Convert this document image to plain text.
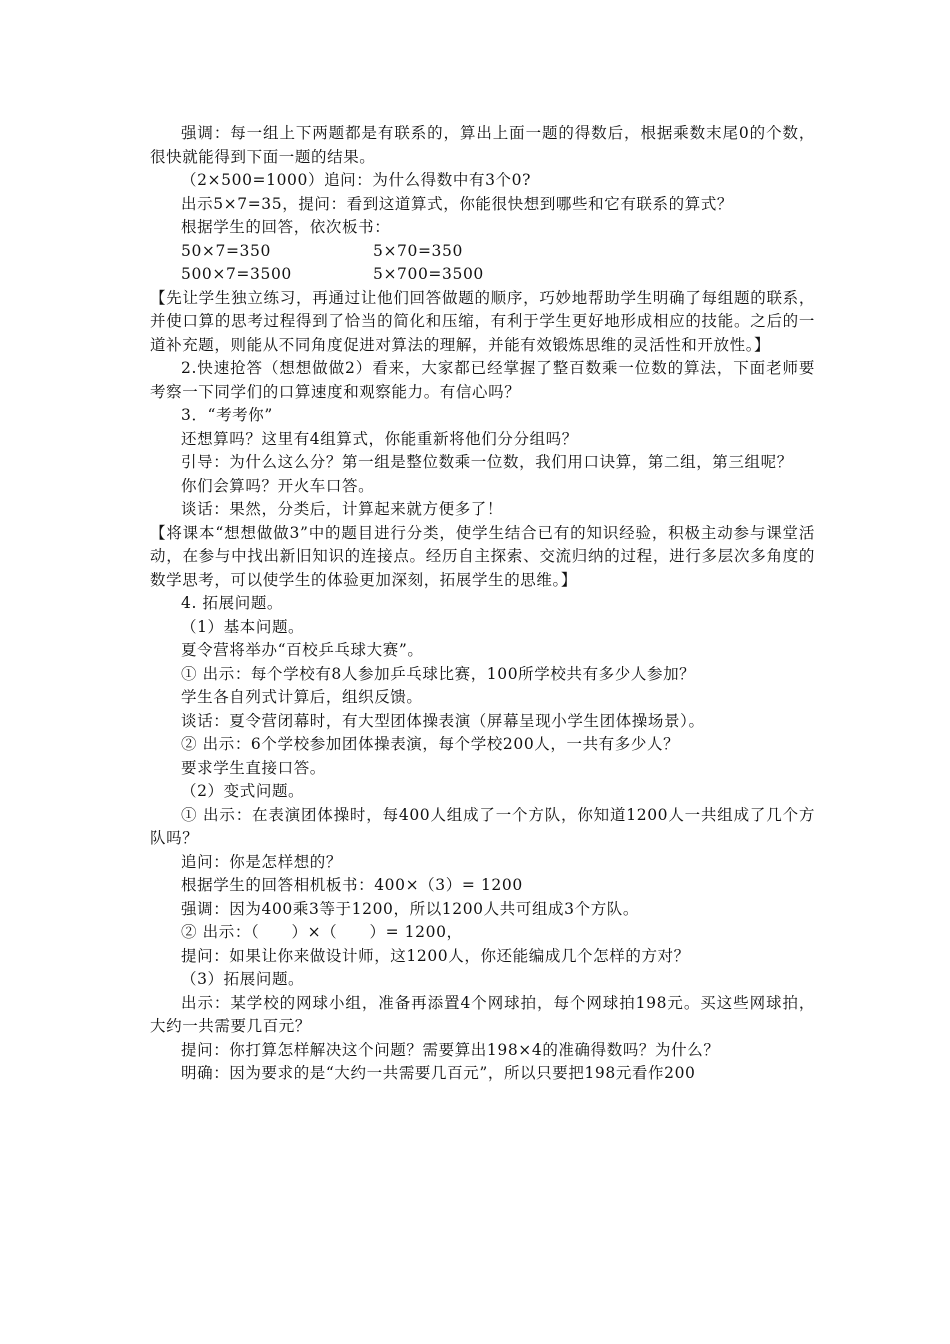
强调：每一组上下两题都是有联系的，算出上面一题的得数后，根据乘数末尾0的个数，很快就能得到下面一题的结果。

（2×500=1000）追问：为什么得数中有3个0?

出示5×7=35，提问：看到这道算式，你能很快想到哪些和它有联系的算式？

根据学生的回答，依次板书：

50×7=350	5×70=350
500×7=3500	5×700=3500

【先让学生独立练习，再通过让他们回答做题的顺序，巧妙地帮助学生明确了每组题的联系，并使口算的思考过程得到了恰当的简化和压缩，有利于学生更好地形成相应的技能。之后的一道补充题，则能从不同角度促进对算法的理解，并能有效锻炼思维的灵活性和开放性。】

2.快速抢答（想想做做2）看来，大家都已经掌握了整百数乘一位数的算法，下面老师要考察一下同学们的口算速度和观察能力。有信心吗？

3．“考考你”

还想算吗？这里有4组算式，你能重新将他们分分组吗？

引导：为什么这么分？第一组是整位数乘一位数，我们用口诀算，第二组，第三组呢？

你们会算吗？开火车口答。

谈话：果然，分类后，计算起来就方便多了！

【将课本“想想做做3”中的题目进行分类，使学生结合已有的知识经验，积极主动参与课堂活动，在参与中找出新旧知识的连接点。经历自主探索、交流归纳的过程，进行多层次多角度的数学思考，可以使学生的体验更加深刻，拓展学生的思维。】

4. 拓展问题。

（1）基本问题。

夏令营将举办“百校乒乓球大赛”。

① 出示：每个学校有8人参加乒乓球比赛，100所学校共有多少人参加？

学生各自列式计算后，组织反馈。

谈话：夏令营闭幕时，有大型团体操表演（屏幕呈现小学生团体操场景）。

② 出示：6个学校参加团体操表演，每个学校200人，一共有多少人？

要求学生直接口答。

（2）变式问题。

① 出示：在表演团体操时，每400人组成了一个方队，你知道1200人一共组成了几个方队吗？

追问：你是怎样想的？

根据学生的回答相机板书：400×（3）= 1200

强调：因为400乘3等于1200，所以1200人共可组成3个方队。

② 出示：（　　）×（　　）= 1200，

提问：如果让你来做设计师，这1200人，你还能编成几个怎样的方对？

（3）拓展问题。

出示：某学校的网球小组，准备再添置4个网球拍，每个网球拍198元。买这些网球拍，大约一共需要几百元？

提问：你打算怎样解决这个问题？需要算出198×4的准确得数吗？为什么？

明确：因为要求的是“大约一共需要几百元”，所以只要把198元看作200
